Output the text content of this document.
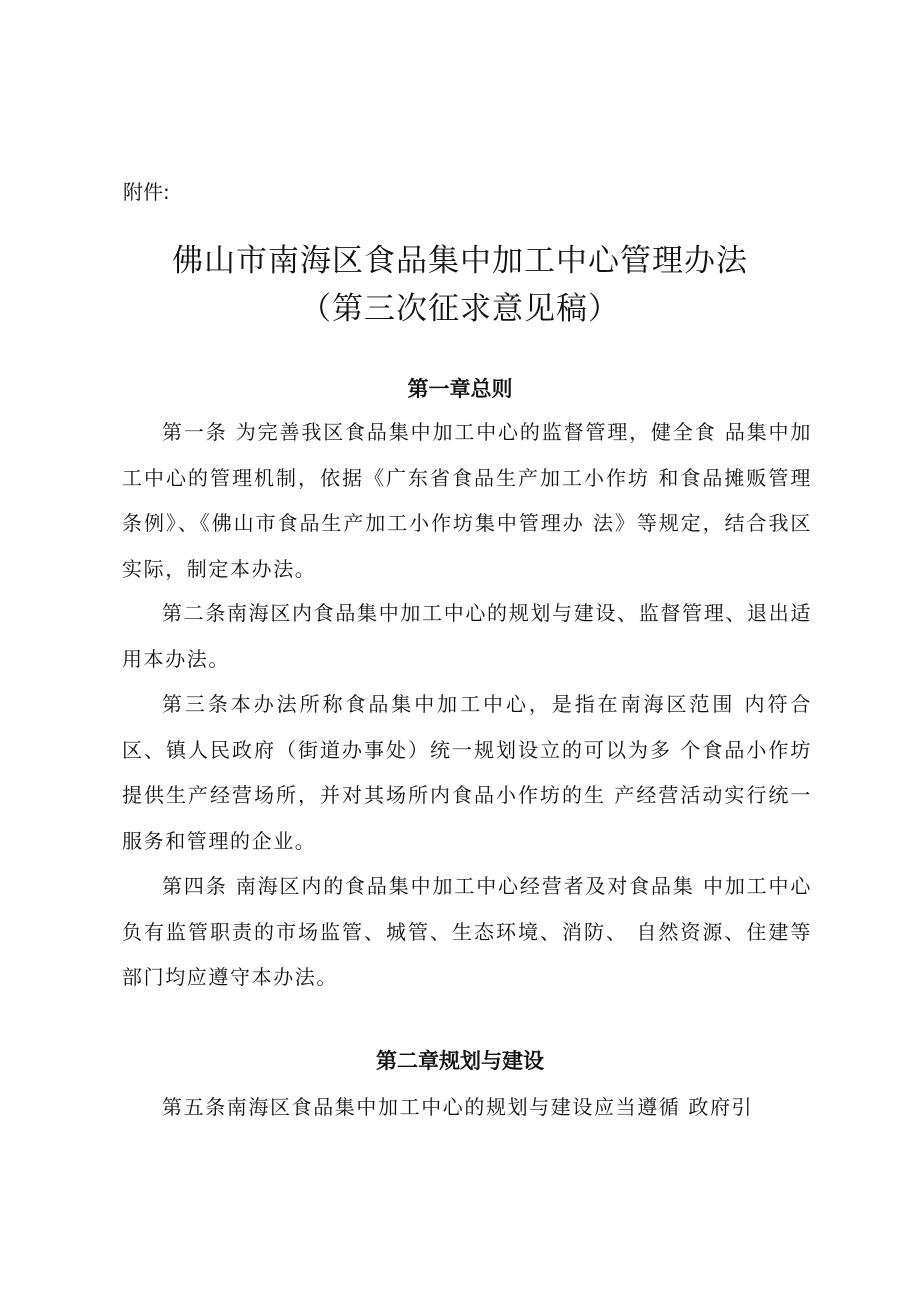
附件:
佛山市南海区食品集中加工中心管理办法
（第三次征求意见稿）
第一章总则

第一条 为完善我区食品集中加工中心的监督管理，健全食 品集中加工中心的管理机制，依据《广东省食品生产加工小作坊 和食品摊贩管理条例》、《佛山市食品生产加工小作坊集中管理办 法》等规定，结合我区实际，制定本办法。

第二条南海区内食品集中加工中心的规划与建设、监督管理、退出适用本办法。

第三条本办法所称食品集中加工中心，是指在南海区范围 内符合区、镇人民政府（街道办事处）统一规划设立的可以为多 个食品小作坊提供生产经营场所，并对其场所内食品小作坊的生 产经营活动实行统一服务和管理的企业。

第四条 南海区内的食品集中加工中心经营者及对食品集 中加工中心负有监管职责的市场监管、城管、生态环境、消防、 自然资源、住建等部门均应遵守本办法。

第二章规划与建设

第五条南海区食品集中加工中心的规划与建设应当遵循 政府引
